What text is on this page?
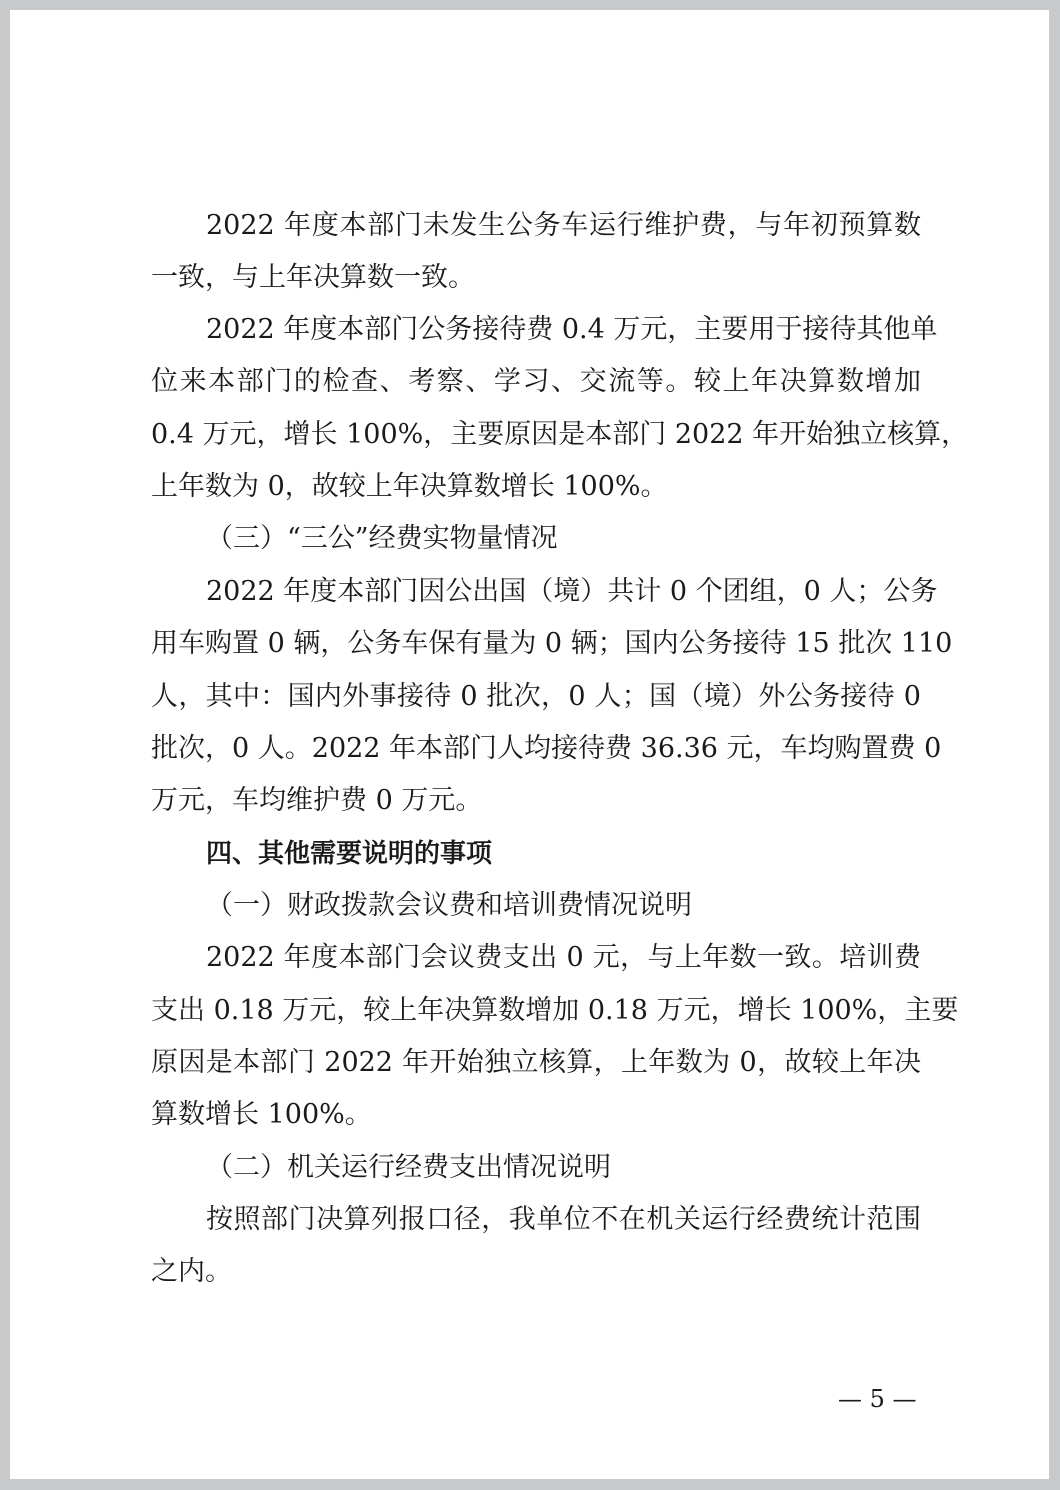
2022 年度本部门未发生公务车运行维护费，与年初预算数
一致，与上年决算数一致。
2022 年度本部门公务接待费 0.4 万元，主要用于接待其他单
位来本部门的检查、考察、学习、交流等。较上年决算数增加
0.4 万元，增长 100%，主要原因是本部门 2022 年开始独立核算，
上年数为 0，故较上年决算数增长 100%。
（三）“三公”经费实物量情况
2022 年度本部门因公出国（境）共计 0 个团组，0 人；公务
用车购置 0 辆，公务车保有量为 0 辆；国内公务接待 15 批次 110
人，其中：国内外事接待 0 批次，0 人；国（境）外公务接待 0
批次，0 人。2022 年本部门人均接待费 36.36 元，车均购置费 0
万元，车均维护费 0 万元。
四、其他需要说明的事项
（一）财政拨款会议费和培训费情况说明
2022 年度本部门会议费支出 0 元，与上年数一致。培训费
支出 0.18 万元，较上年决算数增加 0.18 万元，增长 100%，主要
原因是本部门 2022 年开始独立核算，上年数为 0，故较上年决
算数增长 100%。
（二）机关运行经费支出情况说明
按照部门决算列报口径，我单位不在机关运行经费统计范围
之内。
— 5 —
